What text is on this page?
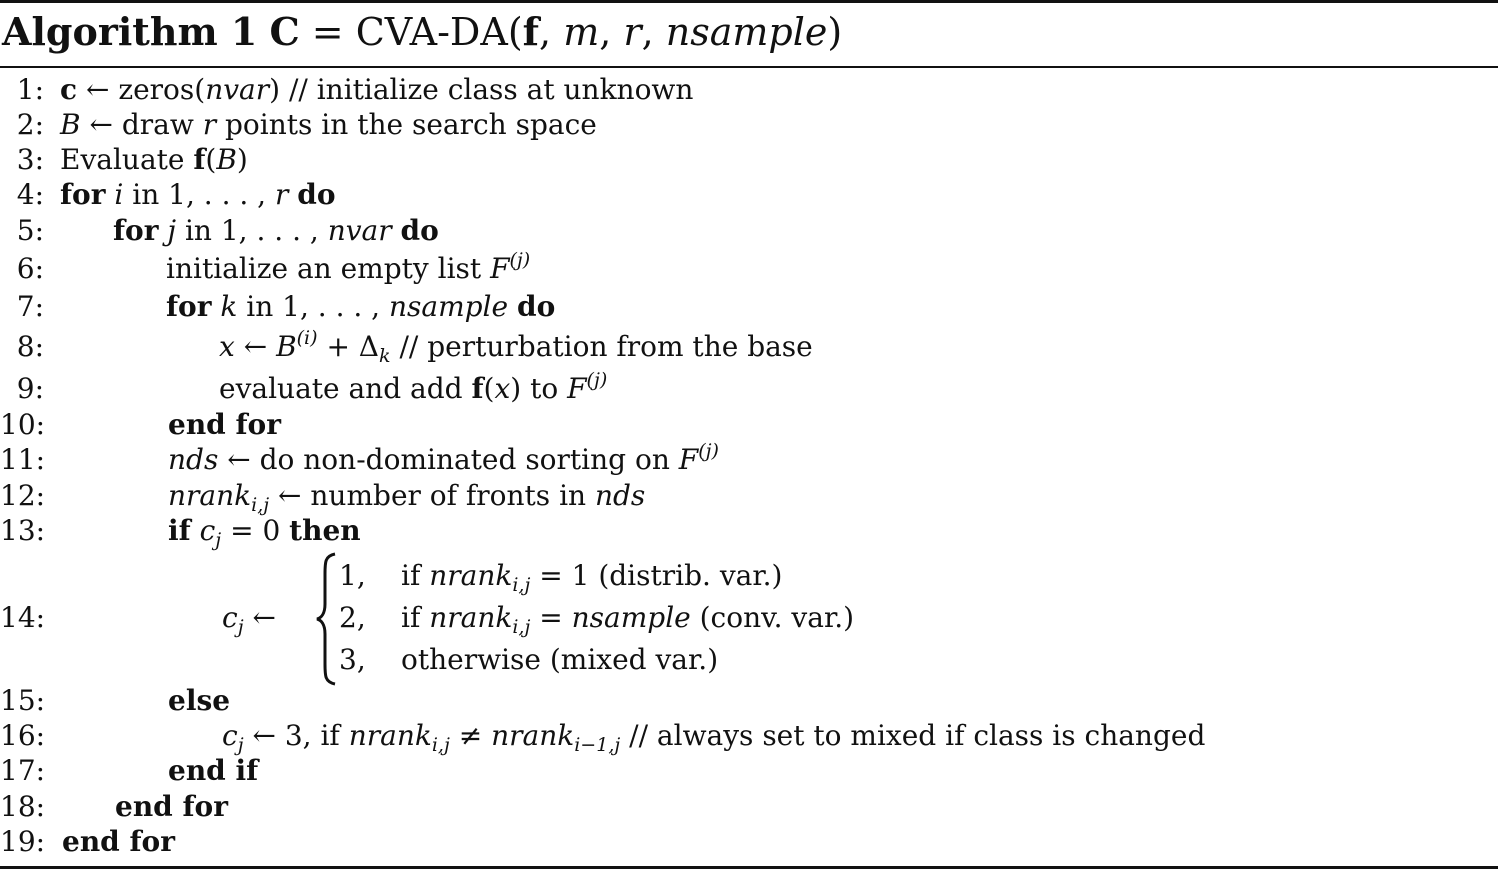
Algorithm 1 C = CVA-DA(f, m, r, nsample)
1: c ← zeros(nvar) // initialize class at unknown
2: B ← draw r points in the search space
3: Evaluate f(B)
4: for i in 1, . . . , r do
5: for j in 1, . . . , nvar do
6:	initialize an empty list $F^{(j)}$
7:	for k in 1, . . . , nsample do
8:	x ← $B^{(i)} + \Delta_k$ // perturbation from the base
9:	evaluate and add f(x) to $F^{(j)}$
10:	end for
11:	nds ← do non-dominated sorting on $F^{(j)}$
12:	nrank$_{i,j}$ ← number of fronts in nds
13:	if $c_j = 0$ then
14:	$c_j$ ←
1, if nrank$_{i,j}$ = 1 (distrib. var.)
2, if nrank$_{i,j}$ = nsample (conv. var.)
3, otherwise (mixed var.)
15:	else
16:	$c_j$ ← 3, if nrank$_{i,j}$ ≠ nrank$_{i-1,j}$ // always set to mixed if class is changed
17:	end if
18: end for
19: end for
